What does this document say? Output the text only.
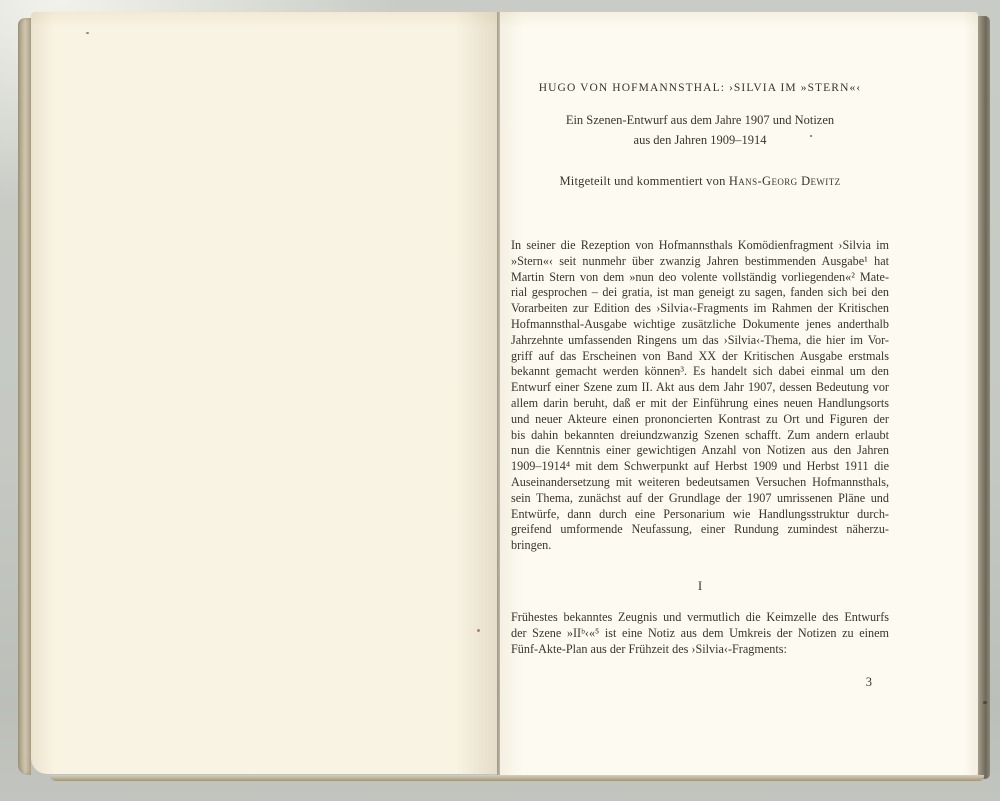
HUGO VON HOFMANNSTHAL: ›SILVIA IM »STERN«‹
Ein Szenen-Entwurf aus dem Jahre 1907 und Notizen
aus den Jahren 1909–1914
Mitgeteilt und kommentiert von Hans-Georg Dewitz
In seiner die Rezeption von Hofmannsthals Komödienfragment ›Silvia im
»Stern«‹ seit nunmehr über zwanzig Jahren bestimmenden Ausgabe¹ hat
Martin Stern von dem »nun deo volente vollständig vorliegenden«² Mate-
rial gesprochen – dei gratia, ist man geneigt zu sagen, fanden sich bei den
Vorarbeiten zur Edition des ›Silvia‹-Fragments im Rahmen der Kritischen
Hofmannsthal-Ausgabe wichtige zusätzliche Dokumente jenes anderthalb
Jahrzehnte umfassenden Ringens um das ›Silvia‹-Thema, die hier im Vor-
griff auf das Erscheinen von Band XX der Kritischen Ausgabe erstmals
bekannt gemacht werden können³. Es handelt sich dabei einmal um den
Entwurf einer Szene zum II. Akt aus dem Jahr 1907, dessen Bedeutung vor
allem darin beruht, daß er mit der Einführung eines neuen Handlungsorts
und neuer Akteure einen prononcierten Kontrast zu Ort und Figuren der
bis dahin bekannten dreiundzwanzig Szenen schafft. Zum andern erlaubt
nun die Kenntnis einer gewichtigen Anzahl von Notizen aus den Jahren
1909–1914⁴ mit dem Schwerpunkt auf Herbst 1909 und Herbst 1911 die
Auseinandersetzung mit weiteren bedeutsamen Versuchen Hofmannsthals,
sein Thema, zunächst auf der Grundlage der 1907 umrissenen Pläne und
Entwürfe, dann durch eine Personarium wie Handlungsstruktur durch-
greifend umformende Neufassung, einer Rundung zumindest näherzu-
bringen.
I
Frühestes bekanntes Zeugnis und vermutlich die Keimzelle des Entwurfs
der Szene »IIᵇ‹«⁵ ist eine Notiz aus dem Umkreis der Notizen zu einem
Fünf-Akte-Plan aus der Frühzeit des ›Silvia‹-Fragments:
3
